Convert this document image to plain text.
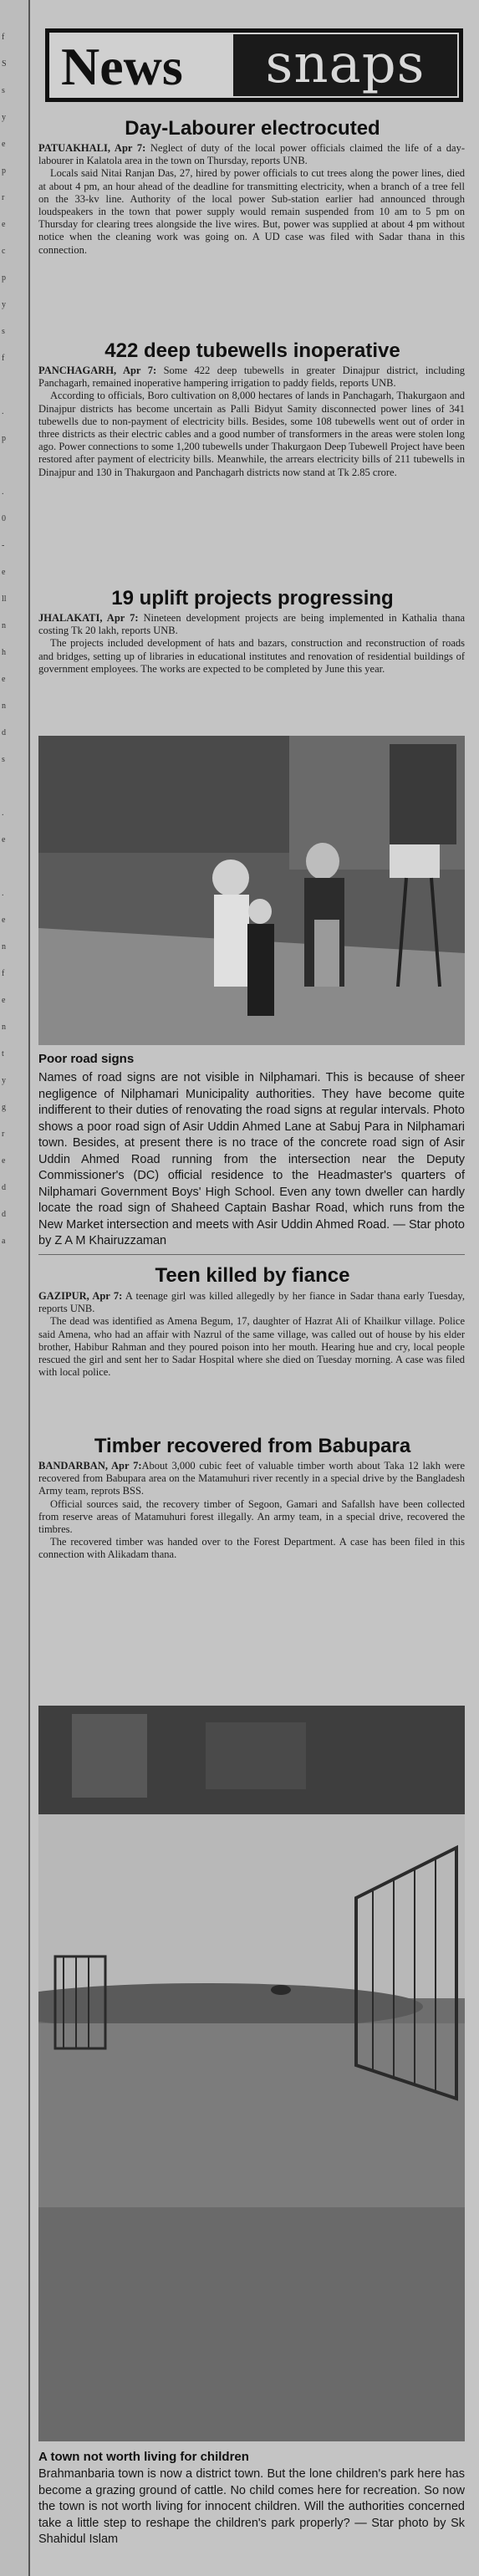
f
S
s
y
e
p
r
e
c
p
y
s
f
.
p
.
0
-
e
ll
n
h
e
n
d
s
.
e
.
e
n
f
e
n
t
y
g
r
e
d
d
a
News	snaps
Day-Labourer electrocuted

PATUAKHALI, Apr 7: Neglect of duty of the local power officials claimed the life of a day-labourer in Kalatola area in the town on Thursday, reports UNB.

Locals said Nitai Ranjan Das, 27, hired by power officials to cut trees along the power lines, died at about 4 pm, an hour ahead of the deadline for transmitting electricity, when a branch of a tree fell on the 33-kv line. Authority of the local power Sub-station earlier had announced through loudspeakers in the town that power supply would remain suspended from 10 am to 5 pm on Thursday for clearing trees alongside the live wires. But, power was supplied at about 4 pm without notice when the cleaning work was going on. A UD case was filed with Sadar thana in this connection.

422 deep tubewells inoperative

PANCHAGARH, Apr 7: Some 422 deep tubewells in greater Dinajpur district, including Panchagarh, remained inoperative hampering irrigation to paddy fields, reports UNB.

According to officials, Boro cultivation on 8,000 hectares of lands in Panchagarh, Thakurgaon and Dinajpur districts has become uncertain as Palli Bidyut Samity disconnected power lines of 341 tubewells due to non-payment of electricity bills. Besides, some 108 tubewells went out of order in three districts as their electric cables and a good number of transformers in the areas were stolen long ago. Power connections to some 1,200 tubewells under Thakurgaon Deep Tubewell Project have been restored after payment of electricity bills. Meanwhile, the arrears electricity bills of 211 tubewells in Dinajpur and 130 in Thakurgaon and Panchagarh districts now stand at Tk 2.85 crore.

19 uplift projects progressing

JHALAKATI, Apr 7: Nineteen development projects are being implemented in Kathalia thana costing Tk 20 lakh, reports UNB.

The projects included development of hats and bazars, construction and reconstruction of roads and bridges, setting up of libraries in educational institutes and renovation of residential buildings of government employees. The works are expected to be completed by June this year.

Poor road signs
Names of road signs are not visible in Nilphamari. This is because of sheer negligence of Nilphamari Municipality authorities. They have become quite indifferent to their duties of renovating the road signs at regular intervals. Photo shows a poor road sign of Asir Uddin Ahmed Lane at Sabuj Para in Nilphamari town. Besides, at present there is no trace of the concrete road sign of Asir Uddin Ahmed Road running from the intersection near the Deputy Commissioner's (DC) official residence to the Headmaster's quarters of Nilphamari Government Boys' High School. Even any town dweller can hardly locate the road sign of Shaheed Captain Bashar Road, which runs from the New Market intersection and meets with Asir Uddin Ahmed Road. — Star photo by Z A M Khairuzzaman
Teen killed by fiance

GAZIPUR, Apr 7: A teenage girl was killed allegedly by her fiance in Sadar thana early Tuesday, reports UNB.

The dead was identified as Amena Begum, 17, daughter of Hazrat Ali of Khailkur village. Police said Amena, who had an affair with Nazrul of the same village, was called out of house by his elder brother, Habibur Rahman and they poured poison into her mouth. Hearing hue and cry, local people rescued the girl and sent her to Sadar Hospital where she died on Tuesday morning. A case was filed with local police.

Timber recovered from Babupara

BANDARBAN, Apr 7:About 3,000 cubic feet of valuable timber worth about Taka 12 lakh were recovered from Babupara area on the Matamuhuri river recently in a special drive by the Bangladesh Army team, reprots BSS.

Official sources said, the recovery timber of Segoon, Gamari and Safallsh have been collected from reserve areas of Matamuhuri forest illegally. An army team, in a special drive, recovered the timbres.

The recovered timber was handed over to the Forest Department. A case has been filed in this connection with Alikadam thana.

A town not worth living for children
Brahmanbaria town is now a district town. But the lone children's park here has become a grazing ground of cattle. No child comes here for recreation. So now the town is not worth living for innocent children. Will the authorities concerned take a little step to reshape the children's park properly? — Star photo by Sk Shahidul Islam
